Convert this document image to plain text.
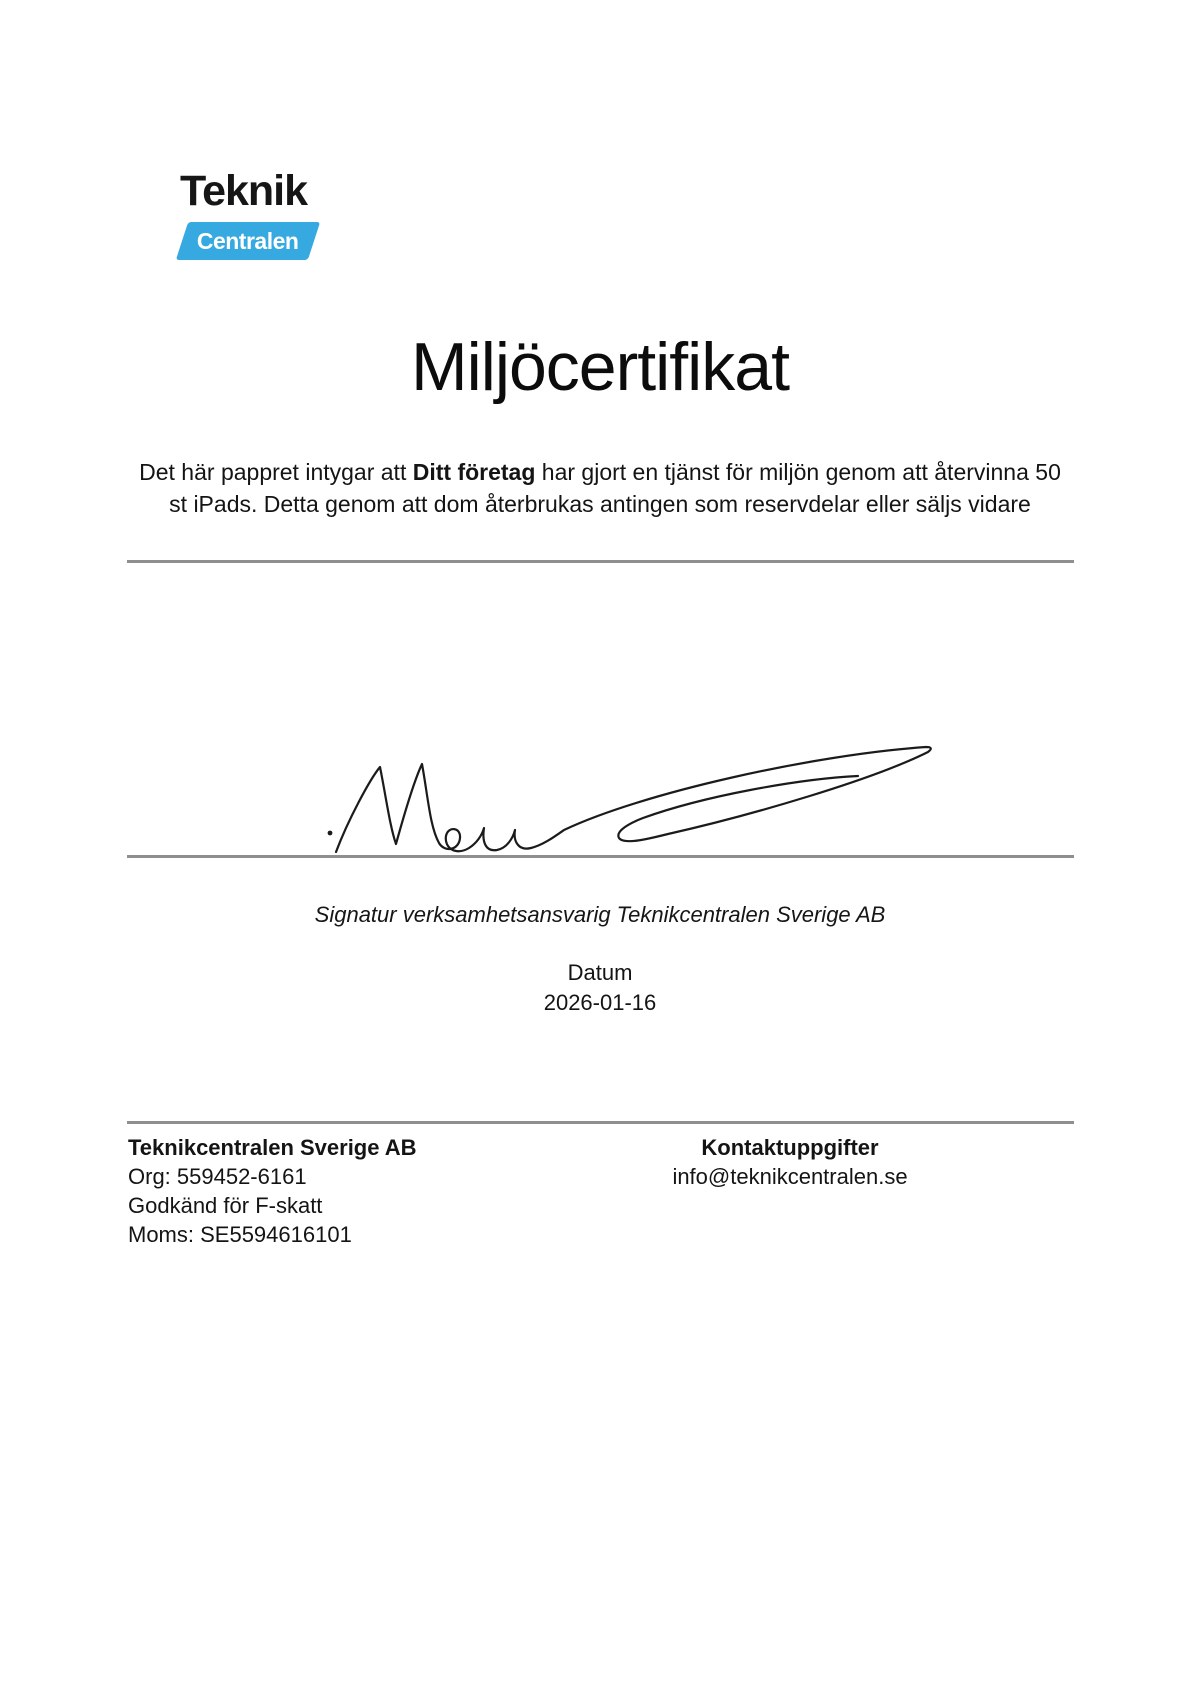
Teknik
Centralen
Miljöcertifikat

Det här pappret intygar att Ditt företag har gjort en tjänst för miljön genom att återvinna 50
st iPads. Detta genom att dom återbrukas antingen som reservdelar eller säljs vidare

Signatur verksamhetsansvarig Teknikcentralen Sverige AB
Datum
2026-01-16
Teknikcentralen Sverige AB
Org: 559452-6161
Godkänd för F-skatt
Moms: SE5594616101
Kontaktuppgifter
info@teknikcentralen.se
